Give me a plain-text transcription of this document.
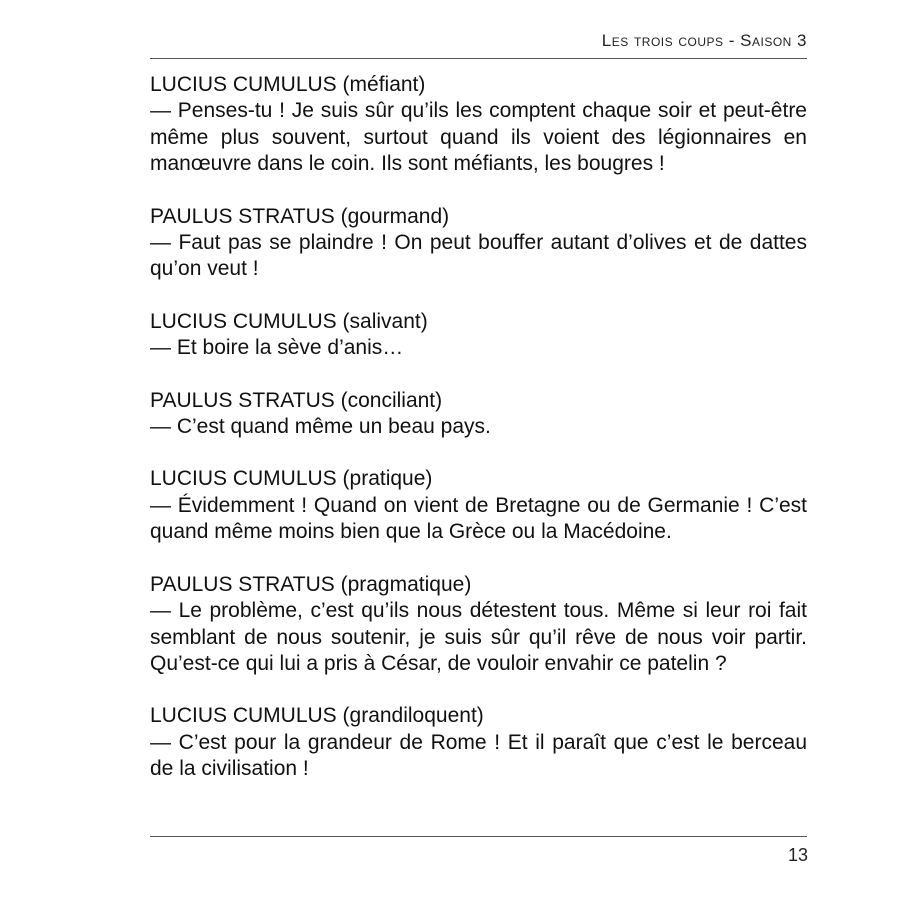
Les trois coups - Saison 3
LUCIUS CUMULUS (méfiant)
— Penses-tu ! Je suis sûr qu’ils les comptent chaque soir et peut-être même plus souvent, surtout quand ils voient des légionnaires en manœuvre dans le coin. Ils sont méfiants, les bougres !
PAULUS STRATUS (gourmand)
— Faut pas se plaindre ! On peut bouffer autant d’olives et de dattes qu’on veut !
LUCIUS CUMULUS (salivant)
— Et boire la sève d’anis…
PAULUS STRATUS (conciliant)
— C’est quand même un beau pays.
LUCIUS CUMULUS (pratique)
— Évidemment ! Quand on vient de Bretagne ou de Germanie ! C’est quand même moins bien que la Grèce ou la Macédoine.
PAULUS STRATUS (pragmatique)
— Le problème, c’est qu’ils nous détestent tous. Même si leur roi fait semblant de nous soutenir, je suis sûr qu’il rêve de nous voir partir. Qu’est-ce qui lui a pris à César, de vouloir envahir ce patelin ?
LUCIUS CUMULUS (grandiloquent)
— C’est pour la grandeur de Rome ! Et il paraît que c’est le berceau de la civilisation !
13
